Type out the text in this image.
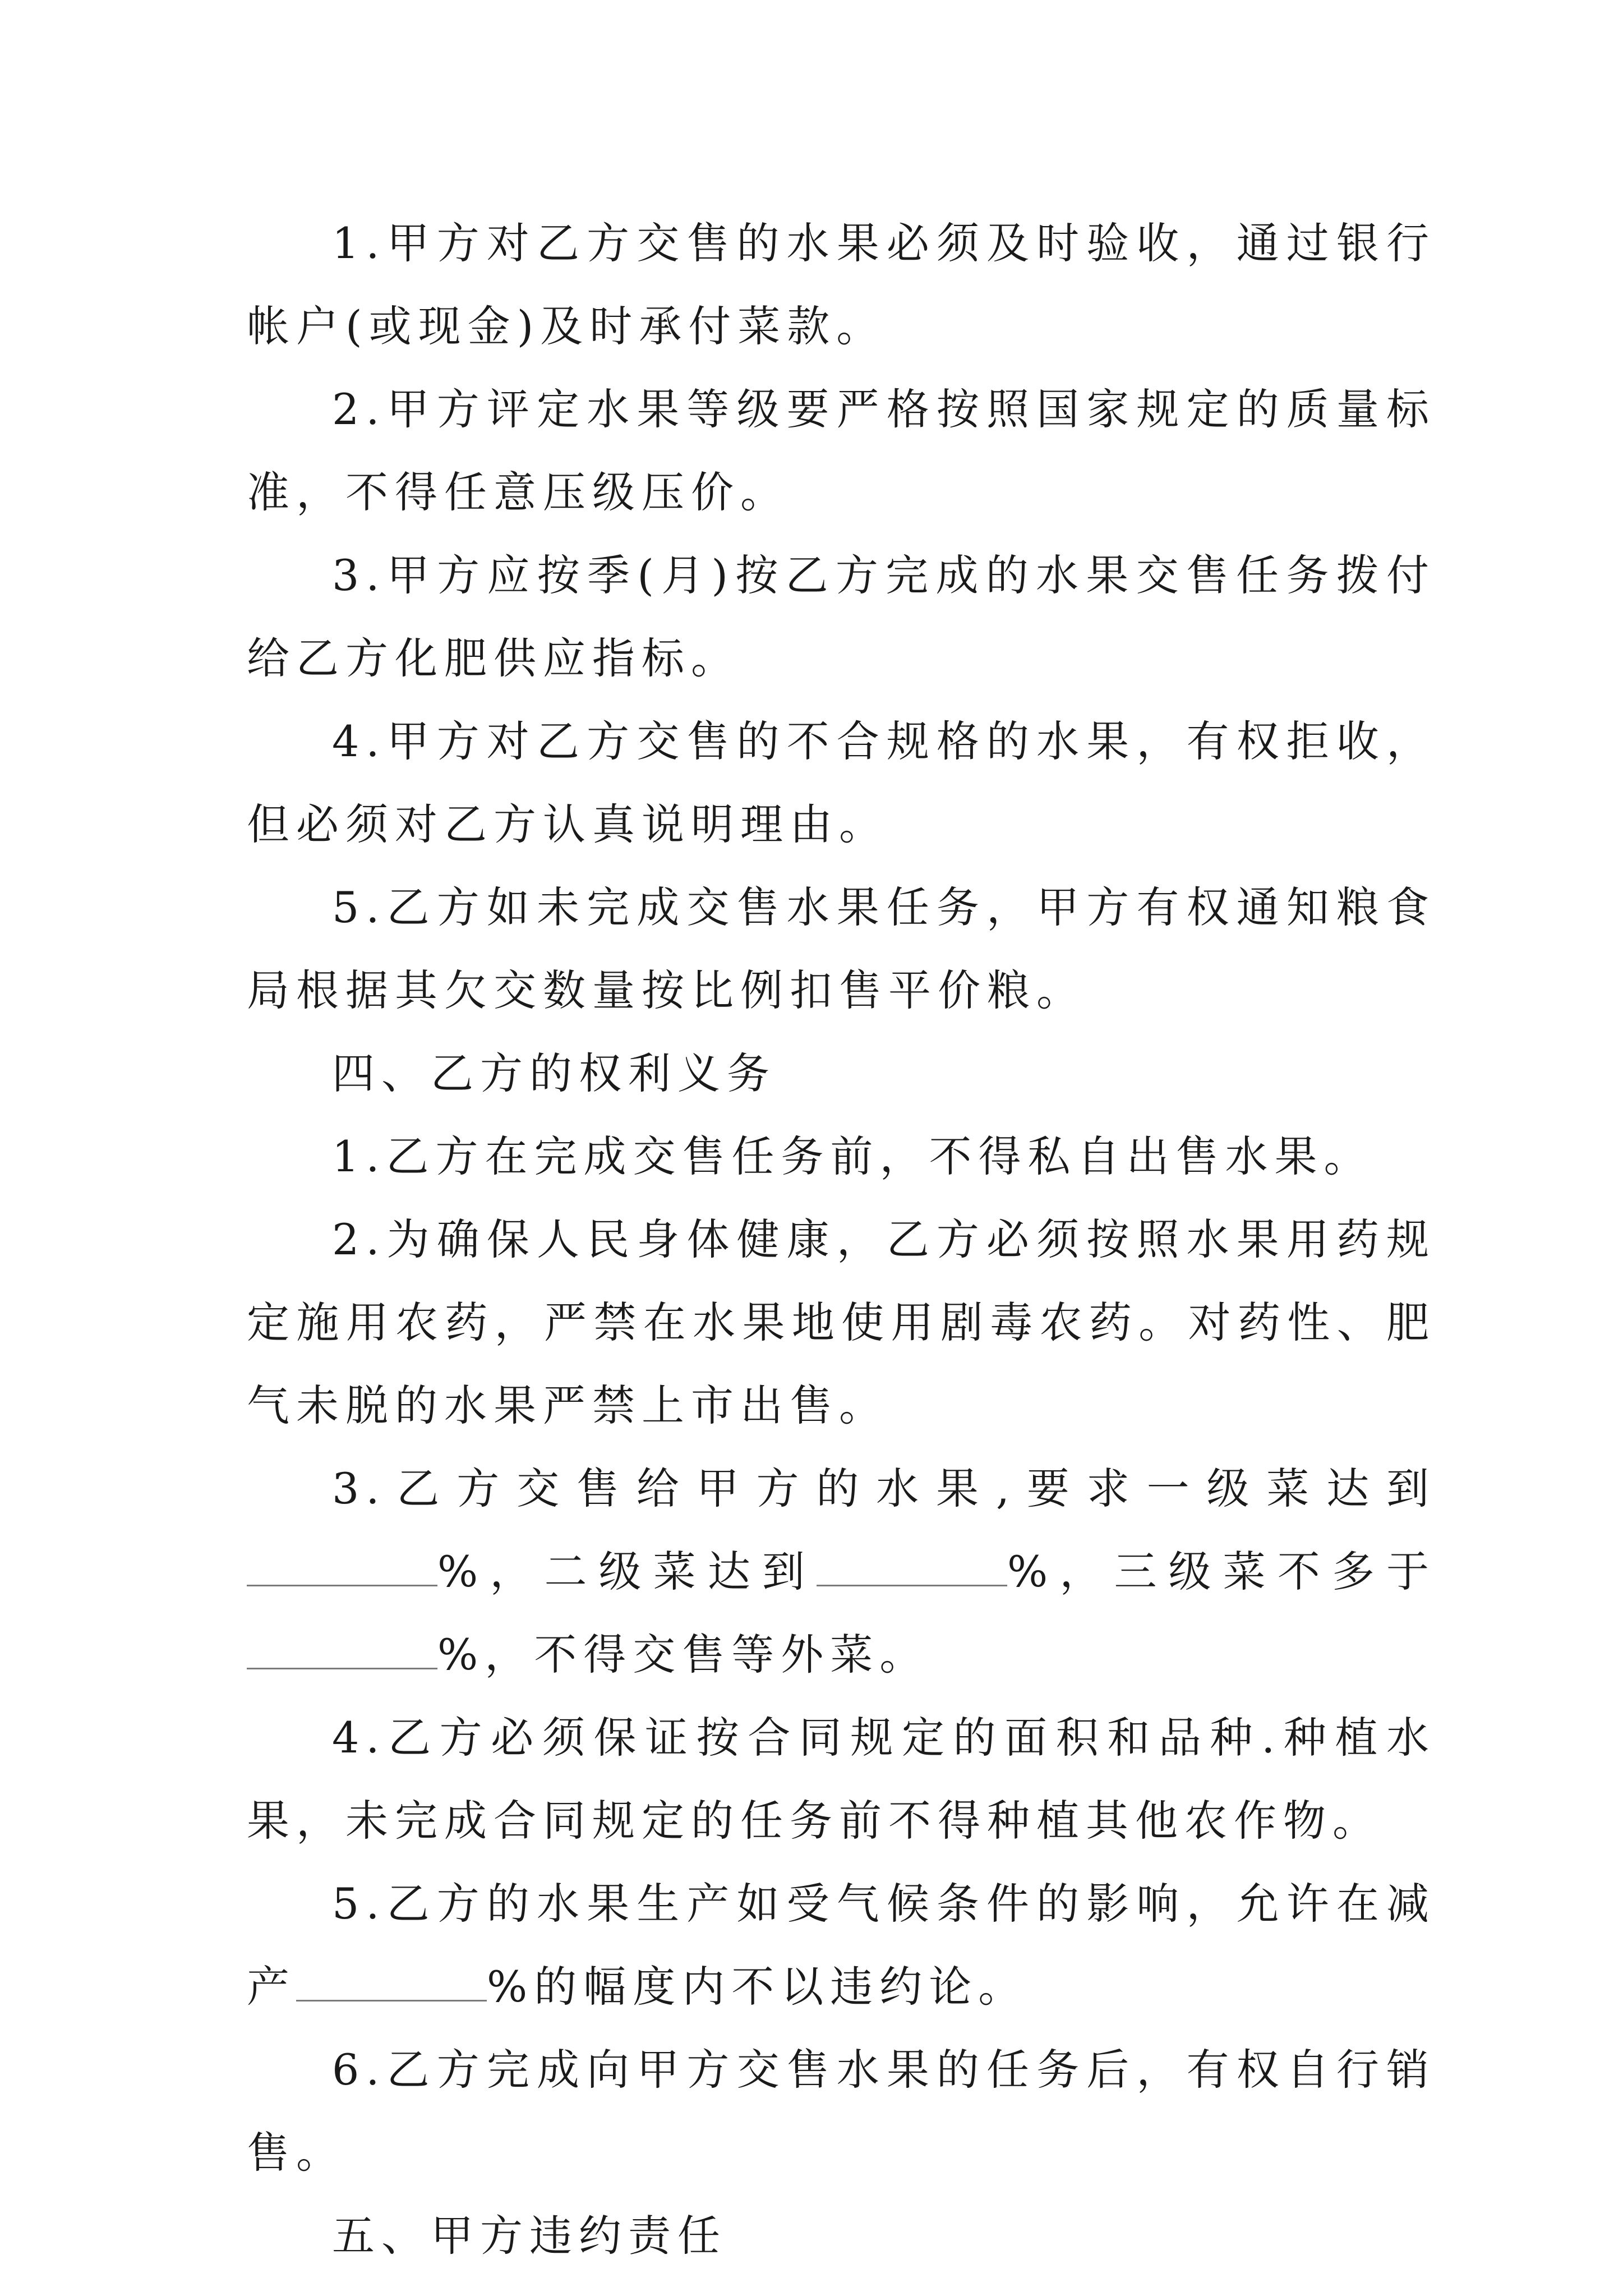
1.甲方对乙方交售的水果必须及时验收，通过银行帐户(或现金)及时承付菜款。

2.甲方评定水果等级要严格按照国家规定的质量标准，不得任意压级压价。

3.甲方应按季(月)按乙方完成的水果交售任务拨付给乙方化肥供应指标。

4.甲方对乙方交售的不合规格的水果，有权拒收，但必须对乙方认真说明理由。

5.乙方如未完成交售水果任务，甲方有权通知粮食局根据其欠交数量按比例扣售平价粮。

四、乙方的权利义务

1.乙方在完成交售任务前，不得私自出售水果。

2.为确保人民身体健康，乙方必须按照水果用药规定施用农药，严禁在水果地使用剧毒农药。对药性、肥气未脱的水果严禁上市出售。

3.乙方交售给甲方的水果,要求一级菜达到%，二级菜达到	%，三级菜不多于%，不得交售等外菜。

4.乙方必须保证按合同规定的面积和品种.种植水果，未完成合同规定的任务前不得种植其他农作物。

5.乙方的水果生产如受气候条件的影响，允许在减产	%的幅度内不以违约论。

6.乙方完成向甲方交售水果的任务后，有权自行销售。

五、甲方违约责任
